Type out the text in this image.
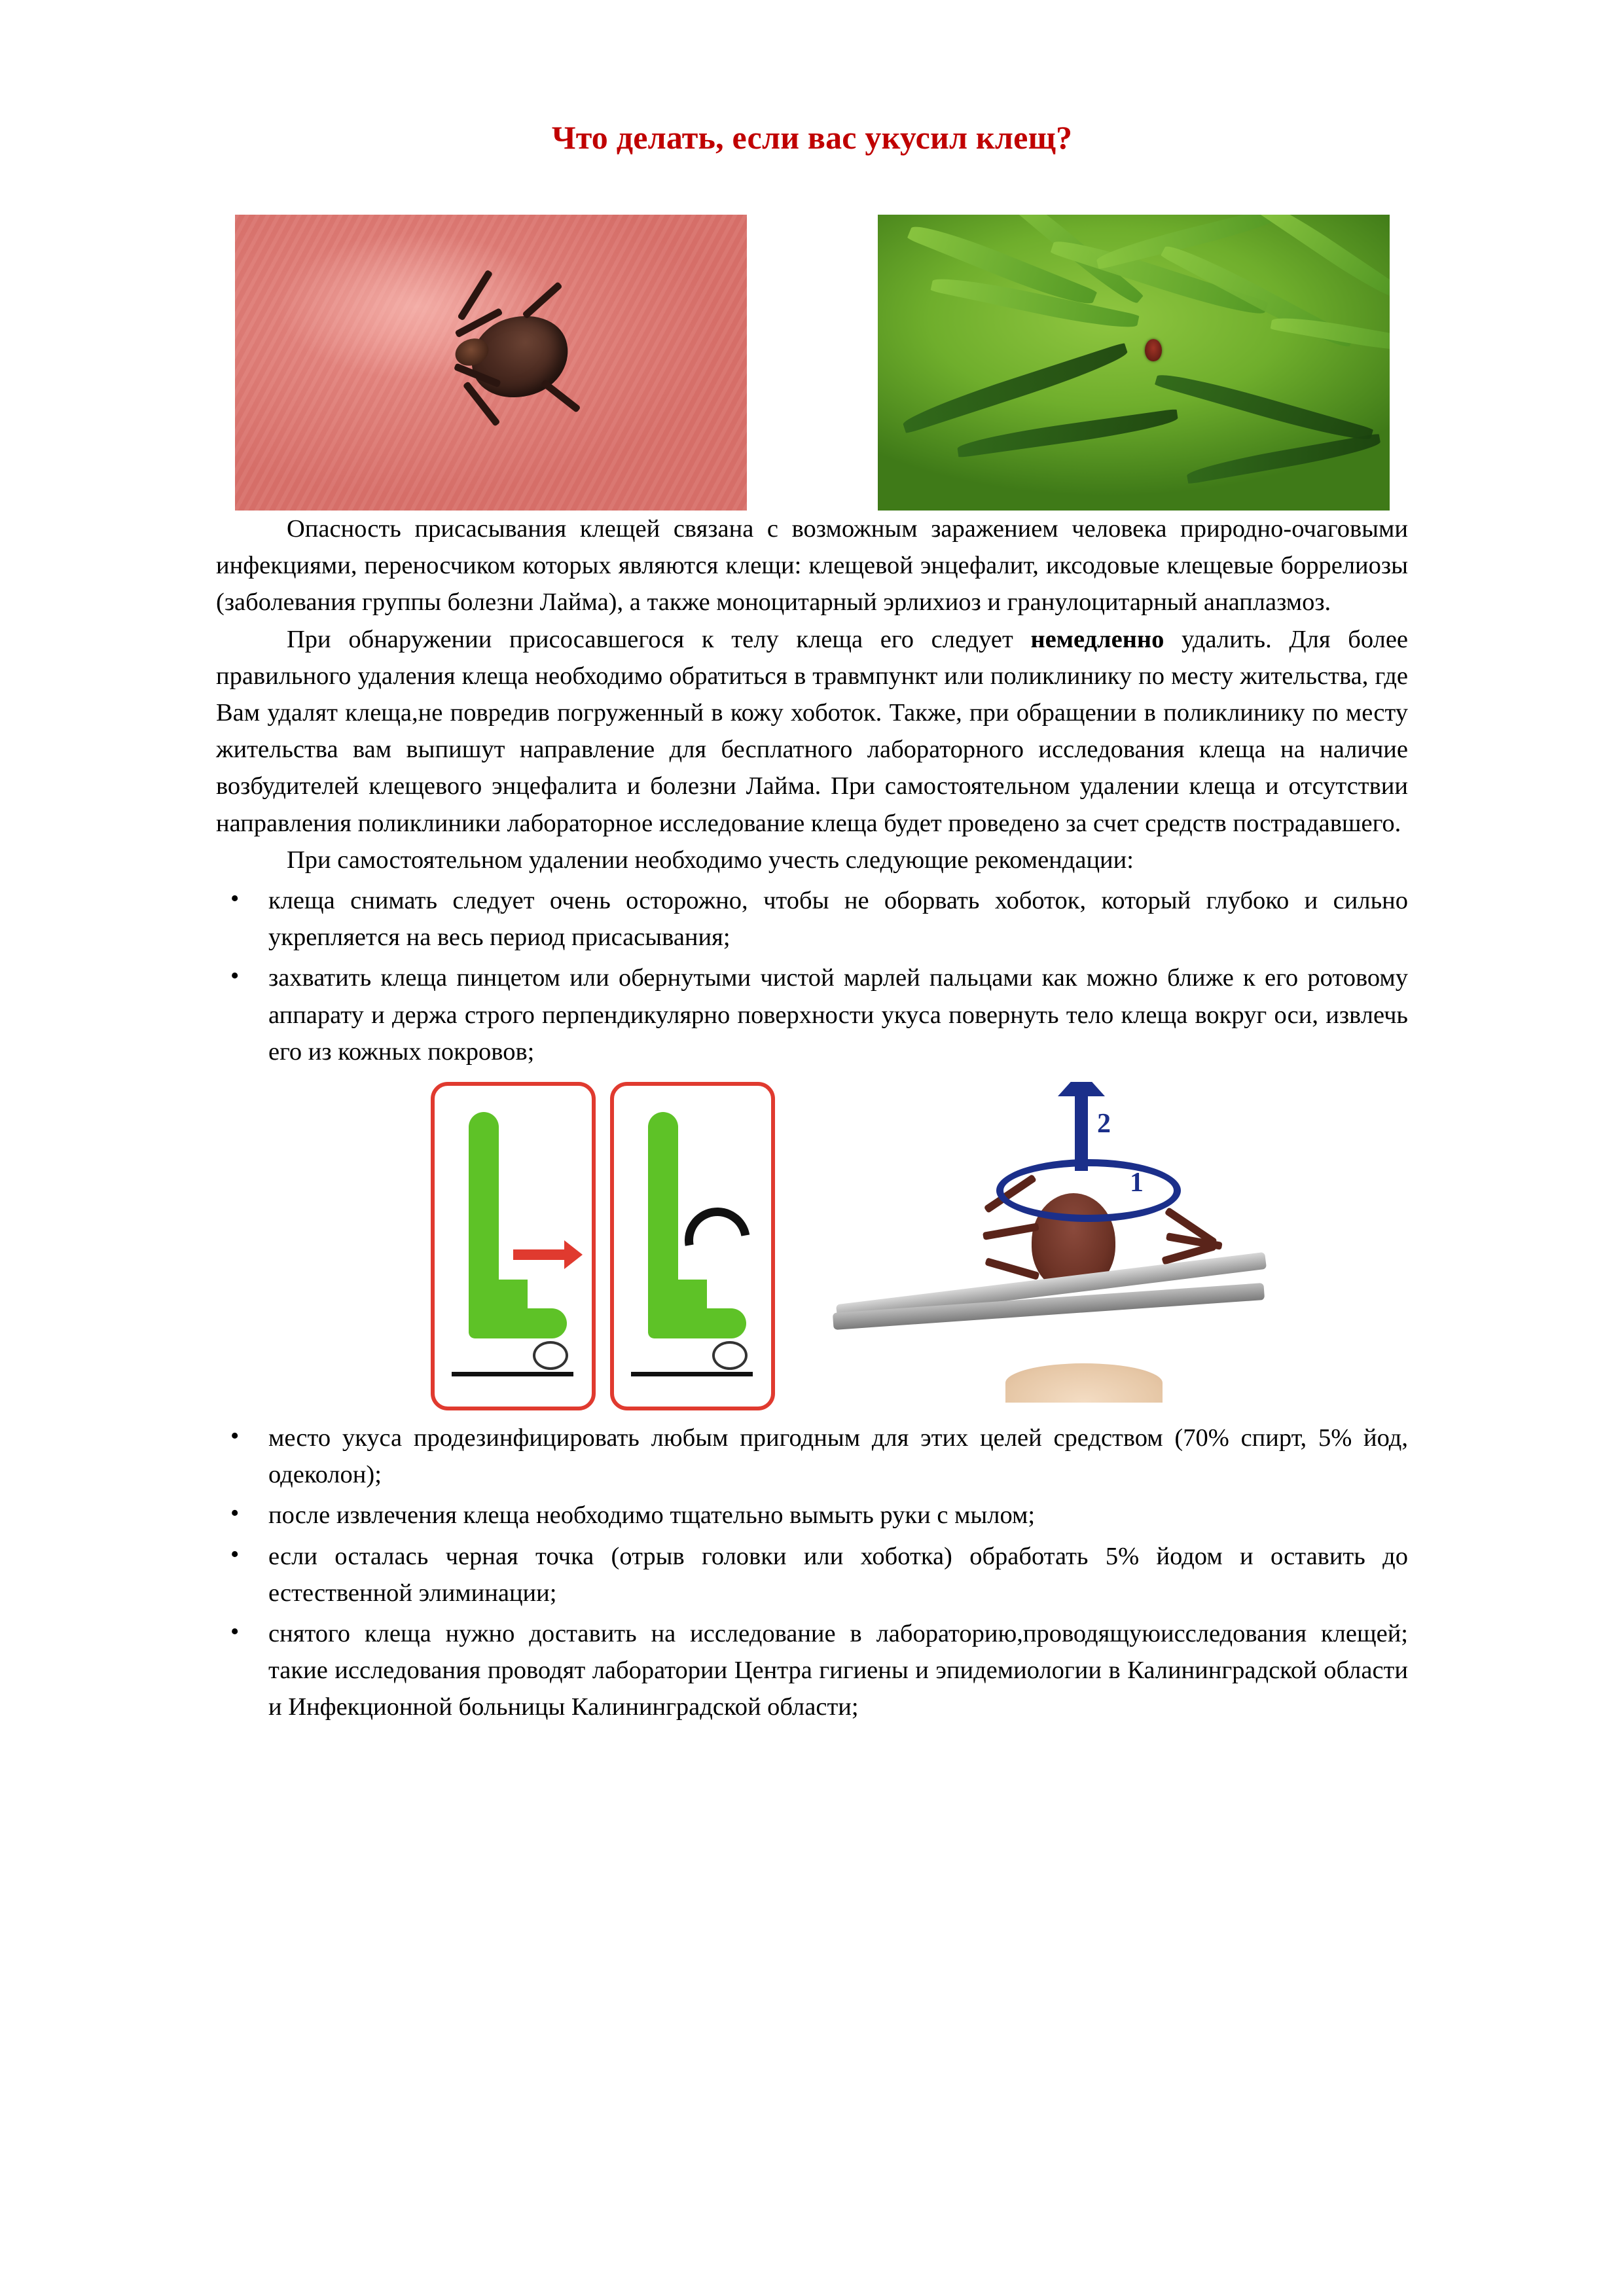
Что делать, если вас укусил клещ?

Опасность присасывания клещей связана с возможным заражением человека природно-очаговыми инфекциями, переносчиком которых являются клещи: клещевой энцефалит, иксодовые клещевые боррелиозы (заболевания группы болезни Лайма), а также моноцитарный эрлихиоз и гранулоцитарный анаплазмоз.

При обнаружении присосавшегося к телу клеща его следует немедленно удалить. Для более правильного удаления клеща необходимо обратиться в травмпункт или поликлинику по месту жительства, где Вам удалят клеща,не повредив погруженный в кожу хоботок. Также, при обращении в поликлинику по месту жительства вам выпишут направление для бесплатного лабораторного исследования клеща на наличие возбудителей клещевого энцефалита и болезни Лайма. При самостоятельном удалении клеща и отсутствии направления поликлиники лабораторное исследование клеща будет проведено за счет средств пострадавшего.

При самостоятельном удалении необходимо учесть следующие рекомендации:

• клеща снимать следует очень осторожно, чтобы не оборвать хоботок, который глубоко и сильно укрепляется на весь период присасывания;
• захватить клеща пинцетом или обернутыми чистой марлей пальцами как можно ближе к его ротовому аппарату и держа строго перпендикулярно поверхности укуса повернуть тело клеща вокруг оси, извлечь его из кожных покровов;
2
1
• место укуса продезинфицировать любым пригодным для этих целей средством (70% спирт, 5% йод, одеколон);
• после извлечения клеща необходимо тщательно вымыть руки с мылом;
• если осталась черная точка (отрыв головки или хоботка) обработать 5% йодом и оставить до естественной элиминации;
• снятого клеща нужно доставить на исследование в лабораторию,проводящуюисследования клещей; такие исследования проводят лаборатории Центра гигиены и эпидемиологии в Калининградской области и Инфекционной больницы Калининградской области;
